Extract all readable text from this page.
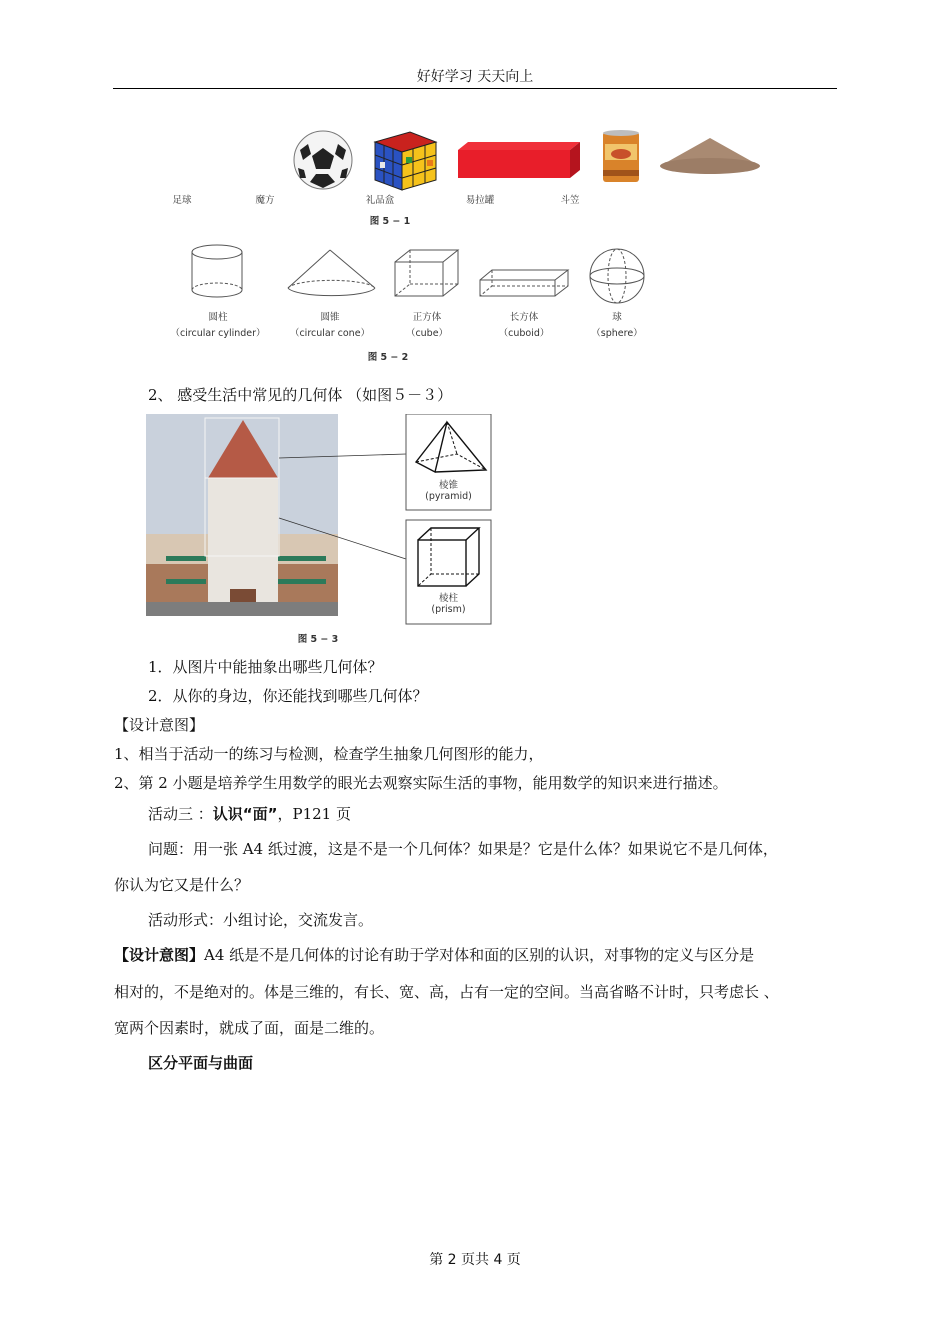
好好学习 天天向上
足球	魔方	礼品盒	易拉罐	斗笠
图 5 − 1
圆柱
（circular cylinder）
圆锥
（circular cone）
正方体
（cube）
长方体
（cuboid）
球
（sphere）
图 5 − 2
2、 感受生活中常见的几何体 （如图５－３）
棱锥
(pyramid)
棱柱
(prism)
图 5 − 3
1．从图片中能抽象出哪些几何体？
2．从你的身边，你还能找到哪些几何体？
【设计意图】
1、相当于活动一的练习与检测，检查学生抽象几何图形的能力，
2、第 2 小题是培养学生用数学的眼光去观察实际生活的事物，能用数学的知识来进行描述。
活动三 ：认识“面”，P121 页
问题：用一张 A4 纸过渡，这是不是一个几何体？如果是？它是什么体？如果说它不是几何体，
你认为它又是什么？
活动形式：小组讨论，交流发言。
【设计意图】A4 纸是不是几何体的讨论有助于学对体和面的区别的认识，对事物的定义与区分是
相对的，不是绝对的。体是三维的，有长、宽、高，占有一定的空间。当高省略不计时，只考虑长 、
宽两个因素时，就成了面，面是二维的。
区分平面与曲面
第 2 页共 4 页
